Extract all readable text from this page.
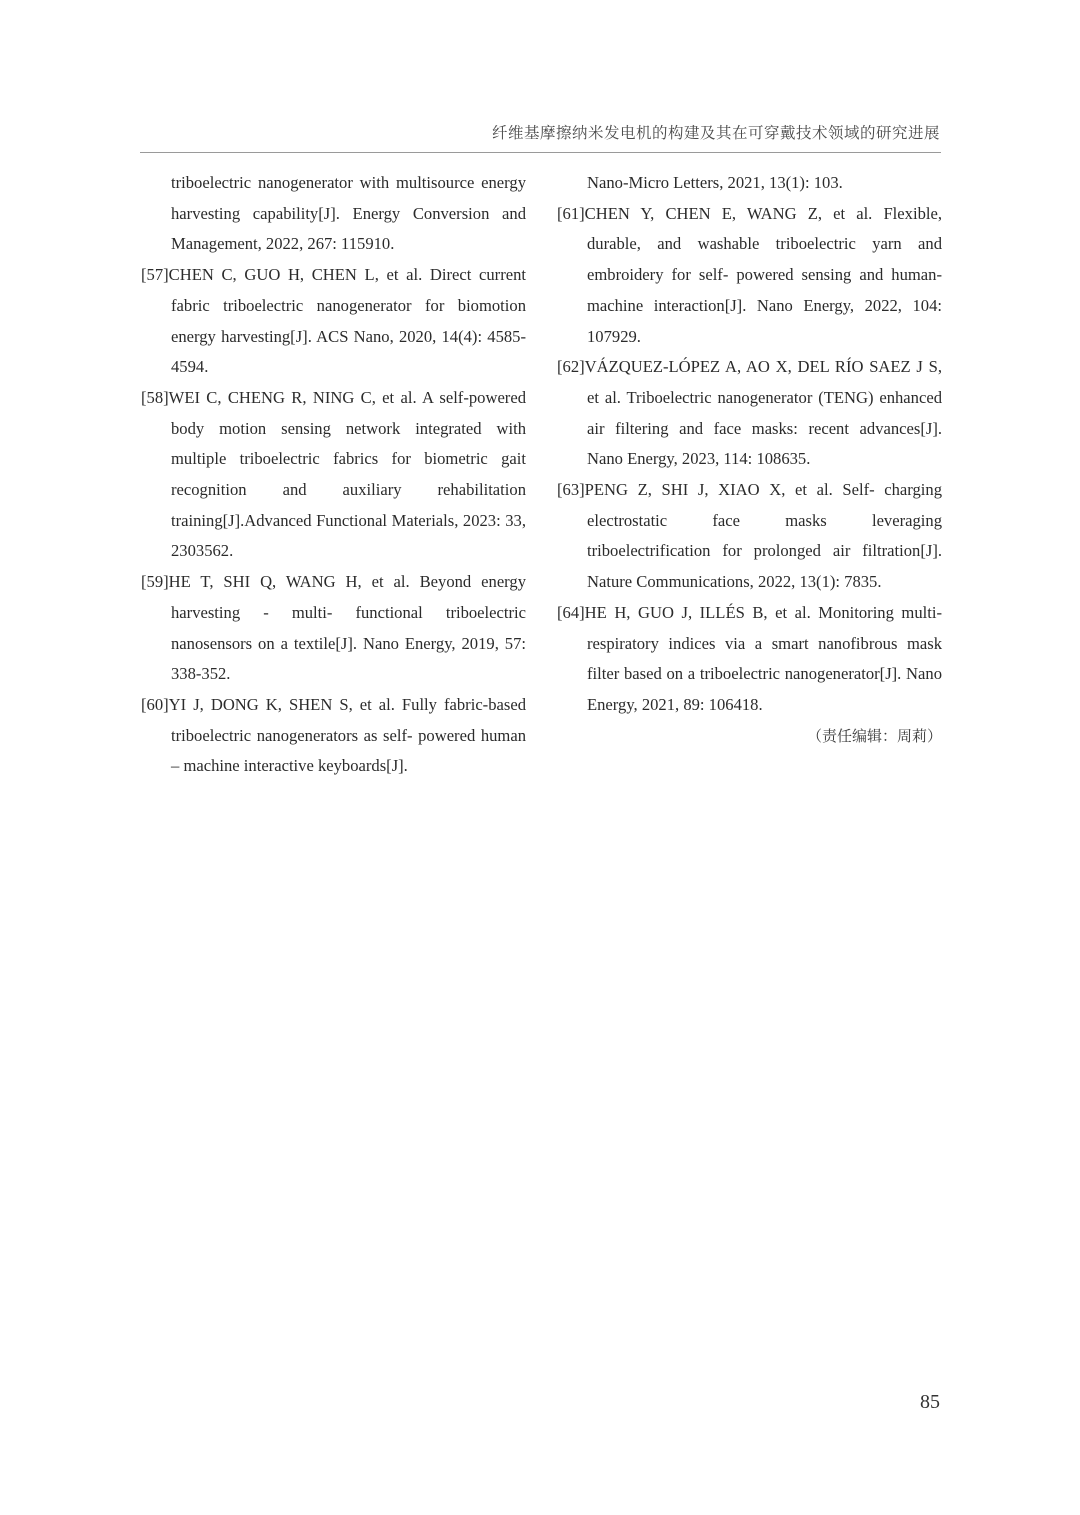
纤维基摩擦纳米发电机的构建及其在可穿戴技术领域的研究进展

triboelectric nanogenerator with multisource energy harvesting capability[J]. Energy Conversion and Management, 2022, 267: 115910.

[57]CHEN C, GUO H, CHEN L, et al. Direct current fabric triboelectric nanogenerator for biomotion energy harvesting[J]. ACS Nano, 2020, 14(4): 4585-4594.

[58]WEI C, CHENG R, NING C, et al. A self-powered body motion sensing network integrated with multiple triboelectric fabrics for biometric gait recognition and auxiliary rehabilitation training[J].Advanced Functional Materials, 2023: 33, 2303562.

[59]HE T, SHI Q, WANG H, et al. Beyond energy harvesting - multi- functional triboelectric nanosensors on a textile[J]. Nano Energy, 2019, 57: 338-352.

[60]YI J, DONG K, SHEN S, et al. Fully fabric-based triboelectric nanogenerators as self- powered human – machine interactive keyboards[J].

Nano-Micro Letters, 2021, 13(1): 103.

[61]CHEN Y, CHEN E, WANG Z, et al. Flexible, durable, and washable triboelectric yarn and embroidery for self- powered sensing and human-machine interaction[J]. Nano Energy, 2022, 104: 107929.

[62]VÁZQUEZ-LÓPEZ A, AO X, DEL RÍO SAEZ J S, et al. Triboelectric nanogenerator (TENG) enhanced air filtering and face masks: recent advances[J]. Nano Energy, 2023, 114: 108635.

[63]PENG Z, SHI J, XIAO X, et al. Self- charging electrostatic face masks leveraging triboelectrification for prolonged air filtration[J]. Nature Communications, 2022, 13(1): 7835.

[64]HE H, GUO J, ILLÉS B, et al. Monitoring multi-respiratory indices via a smart nanofibrous mask filter based on a triboelectric nanogenerator[J]. Nano Energy, 2021, 89: 106418.

（责任编辑：周莉）

85
